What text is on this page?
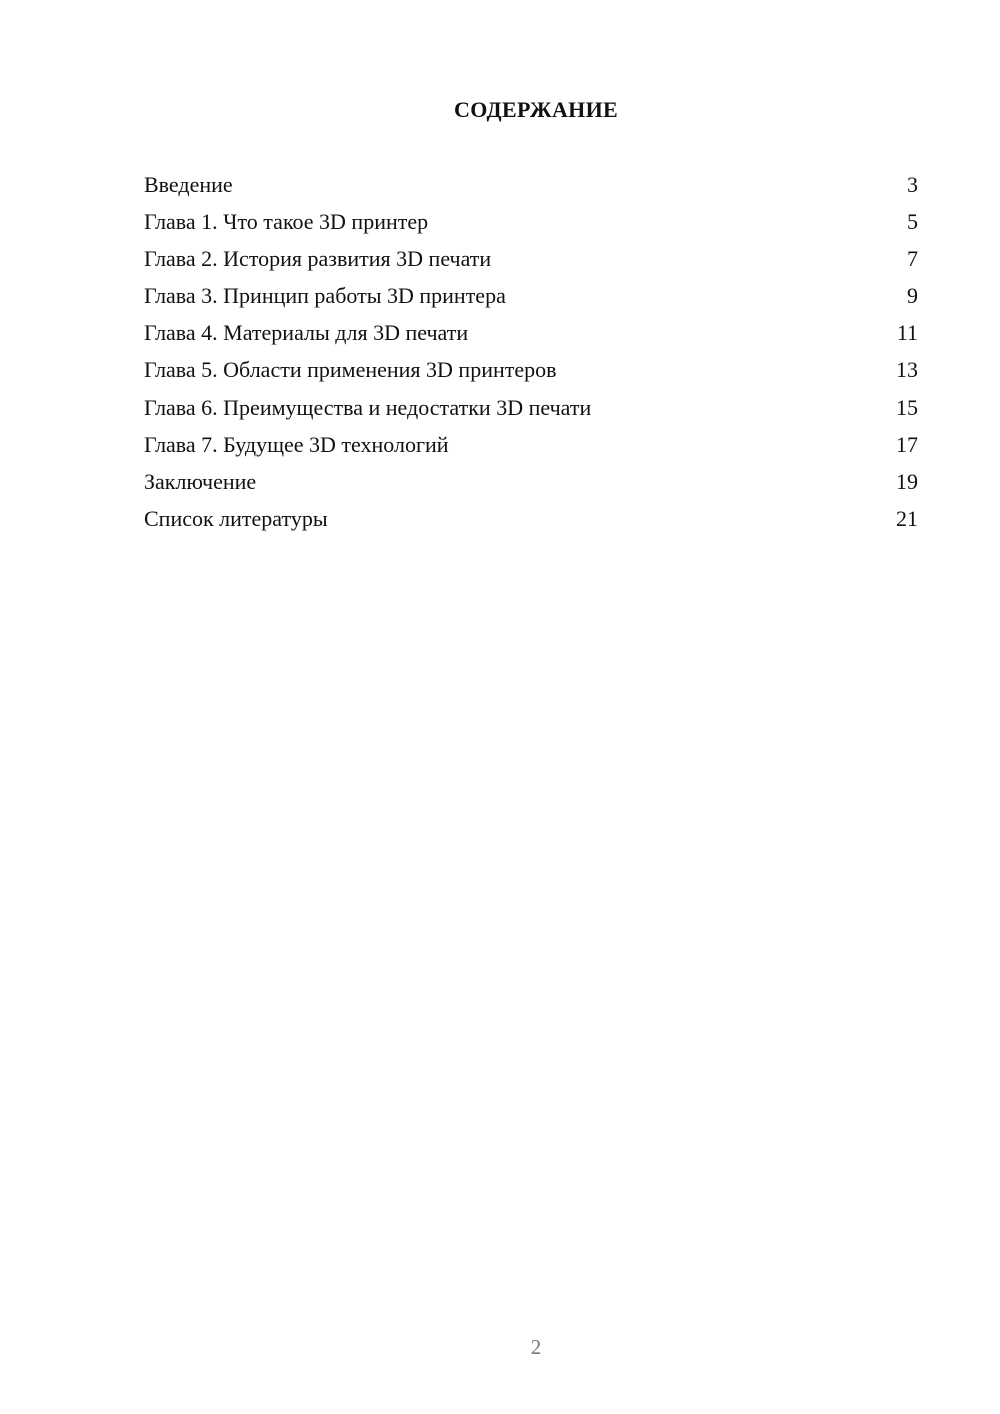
СОДЕРЖАНИЕ
Введение	3
Глава 1. Что такое 3D принтер	5
Глава 2. История развития 3D печати	7
Глава 3. Принцип работы 3D принтера	9
Глава 4. Материалы для 3D печати	11
Глава 5. Области применения 3D принтеров	13
Глава 6. Преимущества и недостатки 3D печати	15
Глава 7. Будущее 3D технологий	17
Заключение	19
Список литературы	21
2
